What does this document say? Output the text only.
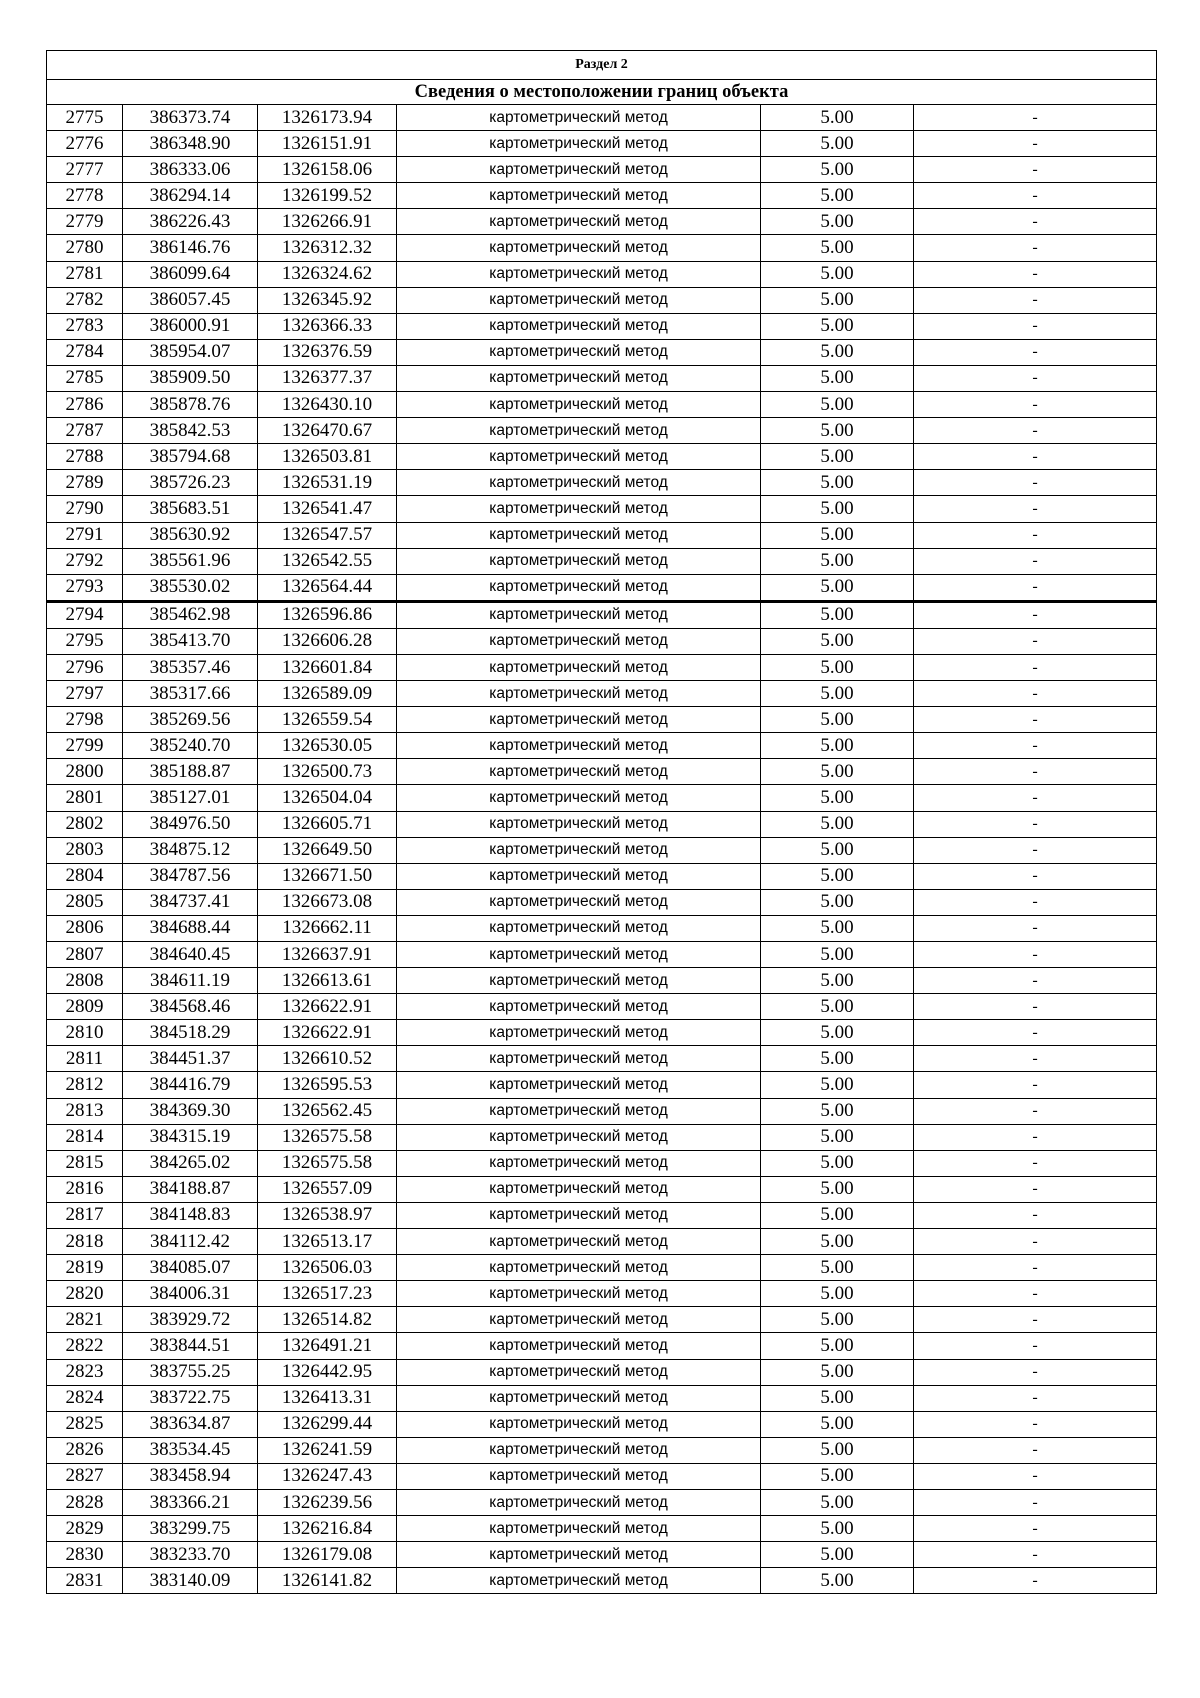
Раздел 2					
Сведения о местоположении границ объекта					
2775	386373.74	1326173.94	картометрический метод	5.00	-
2776	386348.90	1326151.91	картометрический метод	5.00	-
2777	386333.06	1326158.06	картометрический метод	5.00	-
2778	386294.14	1326199.52	картометрический метод	5.00	-
2779	386226.43	1326266.91	картометрический метод	5.00	-
2780	386146.76	1326312.32	картометрический метод	5.00	-
2781	386099.64	1326324.62	картометрический метод	5.00	-
2782	386057.45	1326345.92	картометрический метод	5.00	-
2783	386000.91	1326366.33	картометрический метод	5.00	-
2784	385954.07	1326376.59	картометрический метод	5.00	-
2785	385909.50	1326377.37	картометрический метод	5.00	-
2786	385878.76	1326430.10	картометрический метод	5.00	-
2787	385842.53	1326470.67	картометрический метод	5.00	-
2788	385794.68	1326503.81	картометрический метод	5.00	-
2789	385726.23	1326531.19	картометрический метод	5.00	-
2790	385683.51	1326541.47	картометрический метод	5.00	-
2791	385630.92	1326547.57	картометрический метод	5.00	-
2792	385561.96	1326542.55	картометрический метод	5.00	-
2793	385530.02	1326564.44	картометрический метод	5.00	-
2794	385462.98	1326596.86	картометрический метод	5.00	-
2795	385413.70	1326606.28	картометрический метод	5.00	-
2796	385357.46	1326601.84	картометрический метод	5.00	-
2797	385317.66	1326589.09	картометрический метод	5.00	-
2798	385269.56	1326559.54	картометрический метод	5.00	-
2799	385240.70	1326530.05	картометрический метод	5.00	-
2800	385188.87	1326500.73	картометрический метод	5.00	-
2801	385127.01	1326504.04	картометрический метод	5.00	-
2802	384976.50	1326605.71	картометрический метод	5.00	-
2803	384875.12	1326649.50	картометрический метод	5.00	-
2804	384787.56	1326671.50	картометрический метод	5.00	-
2805	384737.41	1326673.08	картометрический метод	5.00	-
2806	384688.44	1326662.11	картометрический метод	5.00	-
2807	384640.45	1326637.91	картометрический метод	5.00	-
2808	384611.19	1326613.61	картометрический метод	5.00	-
2809	384568.46	1326622.91	картометрический метод	5.00	-
2810	384518.29	1326622.91	картометрический метод	5.00	-
2811	384451.37	1326610.52	картометрический метод	5.00	-
2812	384416.79	1326595.53	картометрический метод	5.00	-
2813	384369.30	1326562.45	картометрический метод	5.00	-
2814	384315.19	1326575.58	картометрический метод	5.00	-
2815	384265.02	1326575.58	картометрический метод	5.00	-
2816	384188.87	1326557.09	картометрический метод	5.00	-
2817	384148.83	1326538.97	картометрический метод	5.00	-
2818	384112.42	1326513.17	картометрический метод	5.00	-
2819	384085.07	1326506.03	картометрический метод	5.00	-
2820	384006.31	1326517.23	картометрический метод	5.00	-
2821	383929.72	1326514.82	картометрический метод	5.00	-
2822	383844.51	1326491.21	картометрический метод	5.00	-
2823	383755.25	1326442.95	картометрический метод	5.00	-
2824	383722.75	1326413.31	картометрический метод	5.00	-
2825	383634.87	1326299.44	картометрический метод	5.00	-
2826	383534.45	1326241.59	картометрический метод	5.00	-
2827	383458.94	1326247.43	картометрический метод	5.00	-
2828	383366.21	1326239.56	картометрический метод	5.00	-
2829	383299.75	1326216.84	картометрический метод	5.00	-
2830	383233.70	1326179.08	картометрический метод	5.00	-
2831	383140.09	1326141.82	картометрический метод	5.00	-
